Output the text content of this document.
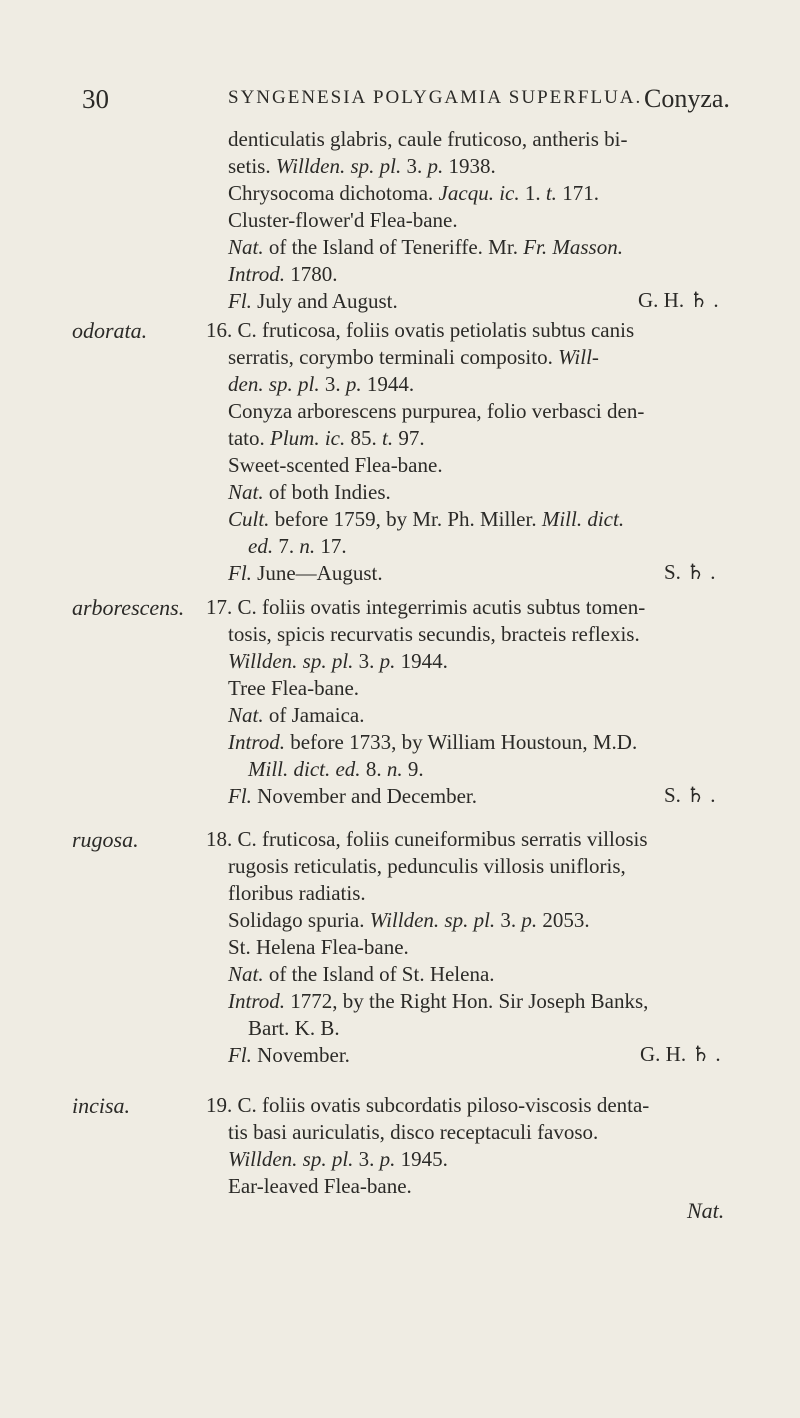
30	SYNGENESIA POLYGAMIA SUPERFLUA. Conyza.
denticulatis glabris, caule fruticoso, antheris bi-
setis. Willden. sp. pl. 3. p. 1938.
Chrysocoma dichotoma. Jacqu. ic. 1. t. 171.
Cluster-flower'd Flea-bane.
Nat. of the Island of Teneriffe. Mr. Fr. Masson.
Introd. 1780.
Fl. July and August.	G. H. ♄ .
odorata.	16. C. fruticosa, foliis ovatis petiolatis subtus canis
serratis, corymbo terminali composito. Will-
den. sp. pl. 3. p. 1944.
Conyza arborescens purpurea, folio verbasci den-
tato. Plum. ic. 85. t. 97.
Sweet-scented Flea-bane.
Nat. of both Indies.
Cult. before 1759, by Mr. Ph. Miller. Mill. dict.
ed. 7. n. 17.
Fl. June—August.	S. ♄ .
arborescens. 17. C. foliis ovatis integerrimis acutis subtus tomen-
tosis, spicis recurvatis secundis, bracteis reflexis.
Willden. sp. pl. 3. p. 1944.
Tree Flea-bane.
Nat. of Jamaica.
Introd. before 1733, by William Houstoun, M.D.
Mill. dict. ed. 8. n. 9.
Fl. November and December.	S. ♄ .
rugosa.	18. C. fruticosa, foliis cuneiformibus serratis villosis
rugosis reticulatis, pedunculis villosis unifloris,
floribus radiatis.
Solidago spuria. Willden. sp. pl. 3. p. 2053.
St. Helena Flea-bane.
Nat. of the Island of St. Helena.
Introd. 1772, by the Right Hon. Sir Joseph Banks,
Bart. K. B.
Fl. November.	G. H. ♄ .
incisa.	19. C. foliis ovatis subcordatis piloso-viscosis denta-
tis basi auriculatis, disco receptaculi favoso.
Willden. sp. pl. 3. p. 1945.
Ear-leaved Flea-bane.
Nat.
